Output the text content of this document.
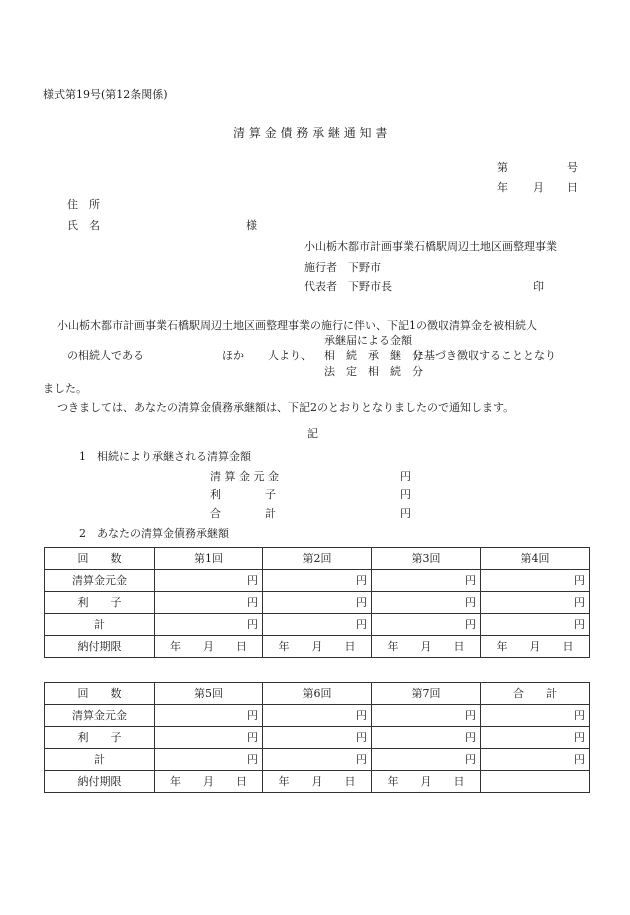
様式第19号(第12条関係)
清 算 金 債 務 承 継 通 知 書
第	号
年 月 日
住　所
氏　名	様
小山栃木都市計画事業石橋駅周辺土地区画整理事業
施行者　下野市
代表者　下野市長	印
小山栃木都市計画事業石橋駅周辺土地区画整理事業の施行に伴い、下記1の徴収清算金を被相続人
承継届による金額
の相続人である	ほか 人より、 相　続　承　継　分
に基づき徴収することとなり
法　定　相　続　分
ました。
つきましては、あなたの清算金債務承継額は、下記2のとおりとなりましたので通知します。
記
1　相続により承継される清算金額
清 算 金 元 金	円
利　　　　子	円
合　　　　計	円
2　あなたの清算金債務承継額
回　　数	第1回	第2回	第3回	第4回
清算金元金	円	円	円	円
利　　子	円	円	円	円
計	円	円	円	円
納付期限	年　　月　　日	年　　月　　日	年　　月　　日	年　　月　　日
回　　数	第5回	第6回	第7回	合　　計
清算金元金	円	円	円	円
利　　子	円	円	円	円
計	円	円	円	円
納付期限	年　　月　　日	年　　月　　日	年　　月　　日	
